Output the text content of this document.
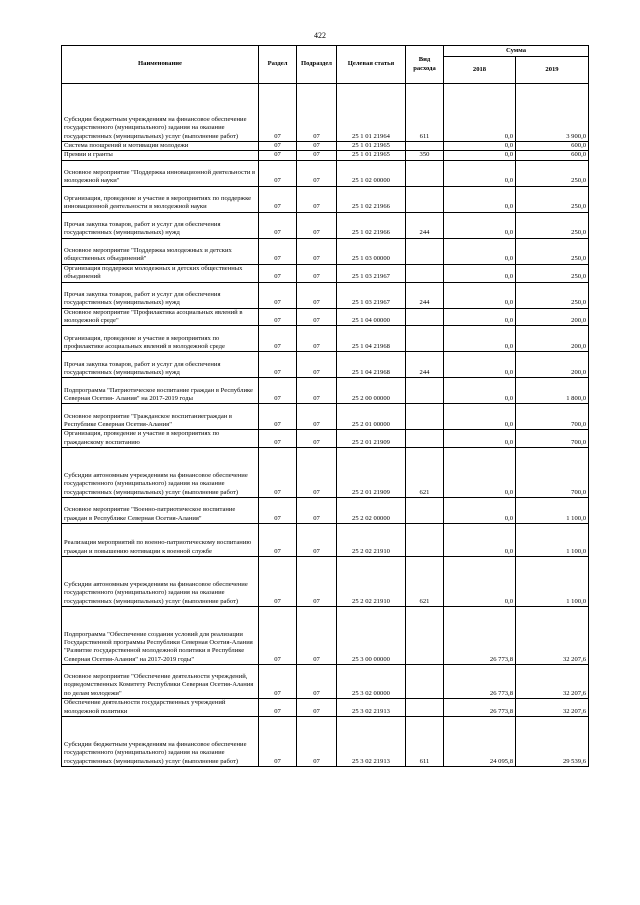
422
Наименование	Раздел	Подраздел	Целевая статья	Вид расхода	Сумма	
					2018	2019
Субсидии бюджетным учреждениям на финансовое обеспечение государственного (муниципального) задания на оказание государственных (муниципальных) услуг (выполнение работ)	07	07	25 1 01 21964	611	0,0	3 900,0
Система поощрений и мотивации молодежи	07	07	25 1 01 21965		0,0	600,0
Премии и гранты	07	07	25 1 01 21965	350	0,0	600,0
Основное мероприятие "Поддержка инновационной деятельности в молодежной науки"	07	07	25 1 02 00000		0,0	250,0
Организация, проведение и участие в мероприятиях по поддержке инновационной деятельности в молодежной науки	07	07	25 1 02 21966		0,0	250,0
Прочая закупка товаров, работ и услуг для обеспечения государственных (муниципальных) нужд	07	07	25 1 02 21966	244	0,0	250,0
Основное мероприятие "Поддержка молодежных и детских общественных объединений"	07	07	25 1 03 00000		0,0	250,0
Организация поддержки молодежных и детских общественных объединений	07	07	25 1 03 21967		0,0	250,0
Прочая закупка товаров, работ и услуг для обеспечения государственных (муниципальных) нужд	07	07	25 1 03 21967	244	0,0	250,0
Основное мероприятие "Профилактика асоциальных явлений в молодежной среде"	07	07	25 1 04 00000		0,0	200,0
Организация, проведение и участие в мероприятиях по профилактике асоциальных явлений в молодежной среде	07	07	25 1 04 21968		0,0	200,0
Прочая закупка товаров, работ и услуг для обеспечения государственных (муниципальных) нужд	07	07	25 1 04 21968	244	0,0	200,0
Подпрограмма "Патриотическое воспитание граждан в Республике Северная Осетия- Алания" на 2017-2019 годы	07	07	25 2 00 00000		0,0	1 800,0
Основное мероприятие "Гражданское воспитаниеграждан в Республике Северная Осетия-Алания"	07	07	25 2 01 00000		0,0	700,0
Организация, проведение и участие в мероприятиях по гражданскому воспитанию	07	07	25 2 01 21909		0,0	700,0
Субсидии автономным учреждениям на финансовое обеспечение государственного (муниципального) задания на оказание государственных (муниципальных) услуг (выполнение работ)	07	07	25 2 01 21909	621	0,0	700,0
Основное мероприятие "Военно-патриотическое воспитание граждан в Республике Северная Осетия-Алания"	07	07	25 2 02 00000		0,0	1 100,0
Реализация мероприятий по военно-патриотическому воспитанию граждан и повышению мотивации к военной службе	07	07	25 2 02 21910		0,0	1 100,0
Субсидии автономным учреждениям на финансовое обеспечение государственного (муниципального) задания на оказание государственных (муниципальных) услуг (выполнение работ)	07	07	25 2 02 21910	621	0,0	1 100,0
Подпрограмма "Обеспечение создания условий для реализации Государственной программы Республики Северная Осетия-Алания "Развитие государственной молодежной политики в Республике Северная Осетия-Алания" на 2017-2019 годы"	07	07	25 3 00 00000		26 773,8	32 207,6
Основное мероприятие "Обеспечение деятельности учреждений, подведомственных Комитету Республики Северная Осетия-Алания по делам молодежи"	07	07	25 3 02 00000		26 773,8	32 207,6
Обеспечение деятельности государственных учреждений молодежной политики	07	07	25 3 02 21913		26 773,8	32 207,6
Субсидии бюджетным учреждениям на финансовое обеспечение государственного (муниципального) задания на оказание государственных (муниципальных) услуг (выполнение работ)	07	07	25 3 02 21913	611	24 095,8	29 539,6
